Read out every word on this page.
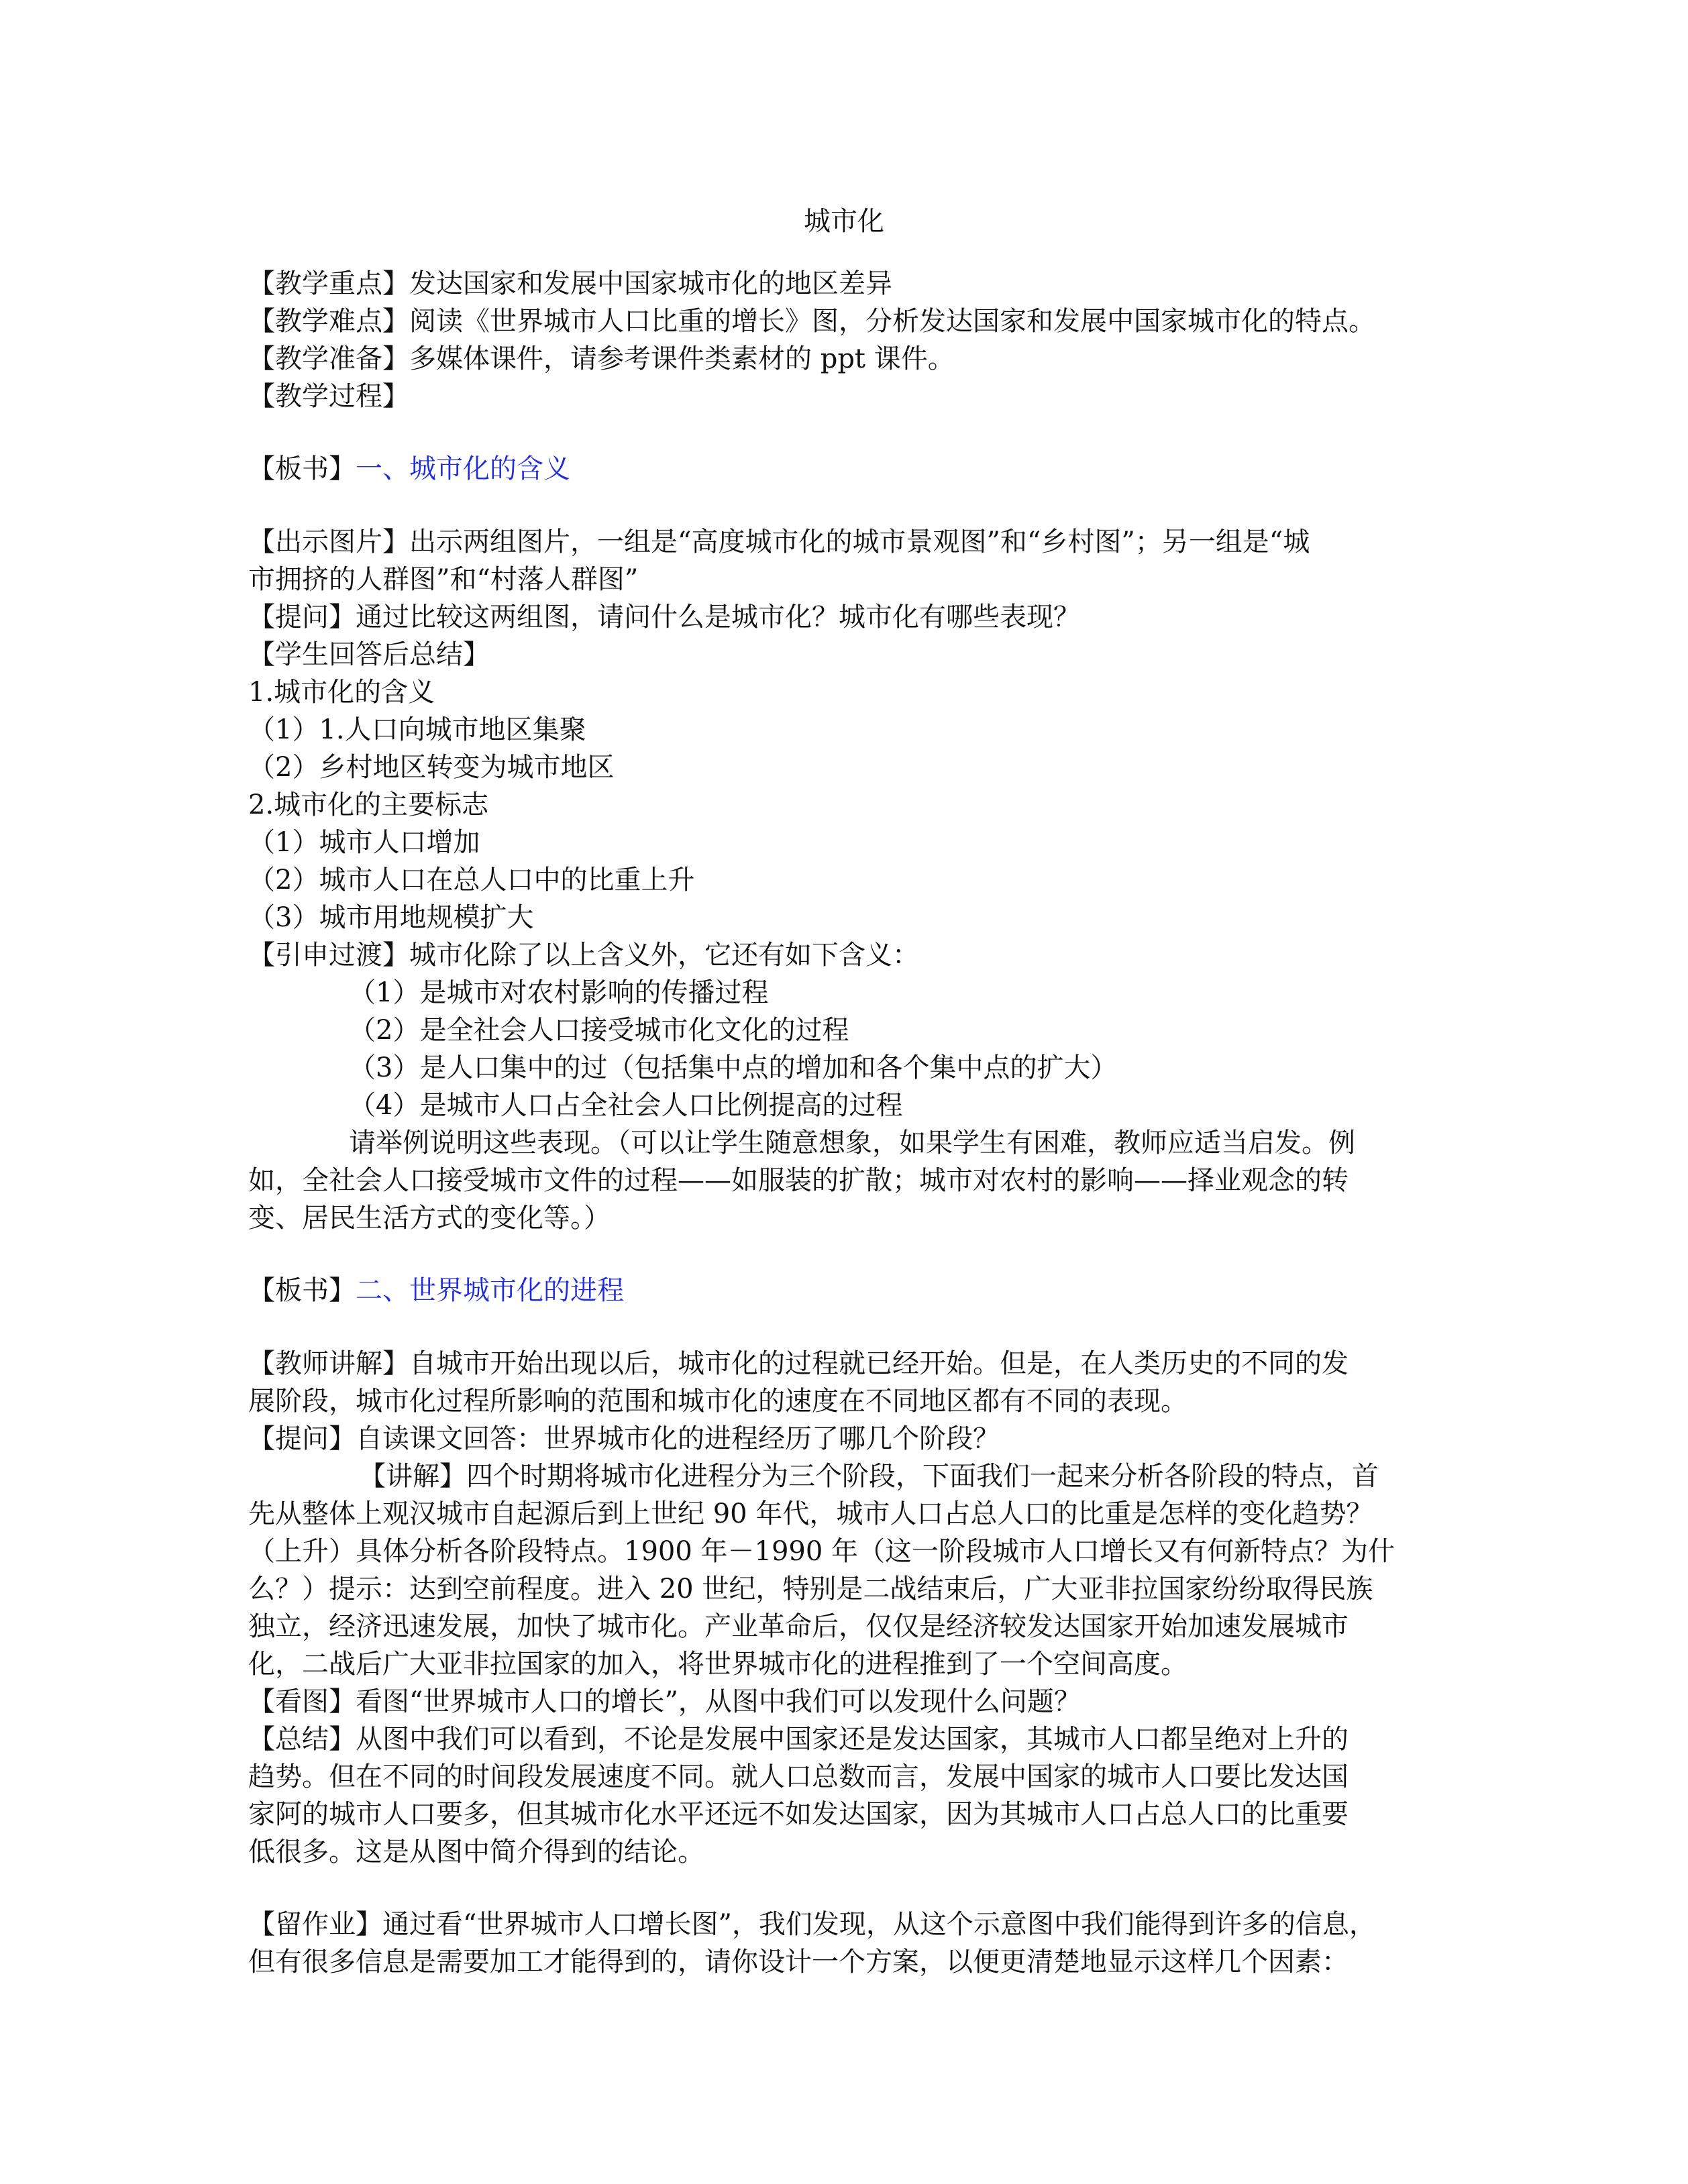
城市化
【教学重点】发达国家和发展中国家城市化的地区差异
【教学难点】阅读《世界城市人口比重的增长》图，分析发达国家和发展中国家城市化的特点。
【教学准备】多媒体课件，请参考课件类素材的 ppt 课件。
【教学过程】
【板书】一、城市化的含义
【出示图片】出示两组图片，一组是“高度城市化的城市景观图”和“乡村图”；另一组是“城
市拥挤的人群图”和“村落人群图”
【提问】通过比较这两组图，请问什么是城市化？城市化有哪些表现？
【学生回答后总结】
1.城市化的含义
（1）1.人口向城市地区集聚
（2）乡村地区转变为城市地区
2.城市化的主要标志
（1）城市人口增加
（2）城市人口在总人口中的比重上升
（3）城市用地规模扩大
【引申过渡】城市化除了以上含义外，它还有如下含义：
（1）是城市对农村影响的传播过程
（2）是全社会人口接受城市化文化的过程
（3）是人口集中的过（包括集中点的增加和各个集中点的扩大）
（4）是城市人口占全社会人口比例提高的过程
请举例说明这些表现。（可以让学生随意想象，如果学生有困难，教师应适当启发。例
如，全社会人口接受城市文件的过程——如服装的扩散；城市对农村的影响——择业观念的转
变、居民生活方式的变化等。）
【板书】二、世界城市化的进程
【教师讲解】自城市开始出现以后，城市化的过程就已经开始。但是，在人类历史的不同的发
展阶段，城市化过程所影响的范围和城市化的速度在不同地区都有不同的表现。
【提问】自读课文回答：世界城市化的进程经历了哪几个阶段？
【讲解】四个时期将城市化进程分为三个阶段，下面我们一起来分析各阶段的特点，首
先从整体上观汉城市自起源后到上世纪 90 年代，城市人口占总人口的比重是怎样的变化趋势？
（上升）具体分析各阶段特点。1900 年－1990 年（这一阶段城市人口增长又有何新特点？为什
么？）提示：达到空前程度。进入 20 世纪，特别是二战结束后，广大亚非拉国家纷纷取得民族
独立，经济迅速发展，加快了城市化。产业革命后，仅仅是经济较发达国家开始加速发展城市
化，二战后广大亚非拉国家的加入，将世界城市化的进程推到了一个空间高度。
【看图】看图“世界城市人口的增长”，从图中我们可以发现什么问题？
【总结】从图中我们可以看到，不论是发展中国家还是发达国家，其城市人口都呈绝对上升的
趋势。但在不同的时间段发展速度不同。就人口总数而言，发展中国家的城市人口要比发达国
家阿的城市人口要多，但其城市化水平还远不如发达国家，因为其城市人口占总人口的比重要
低很多。这是从图中简介得到的结论。
【留作业】通过看“世界城市人口增长图”，我们发现，从这个示意图中我们能得到许多的信息，
但有很多信息是需要加工才能得到的，请你设计一个方案，以便更清楚地显示这样几个因素：
